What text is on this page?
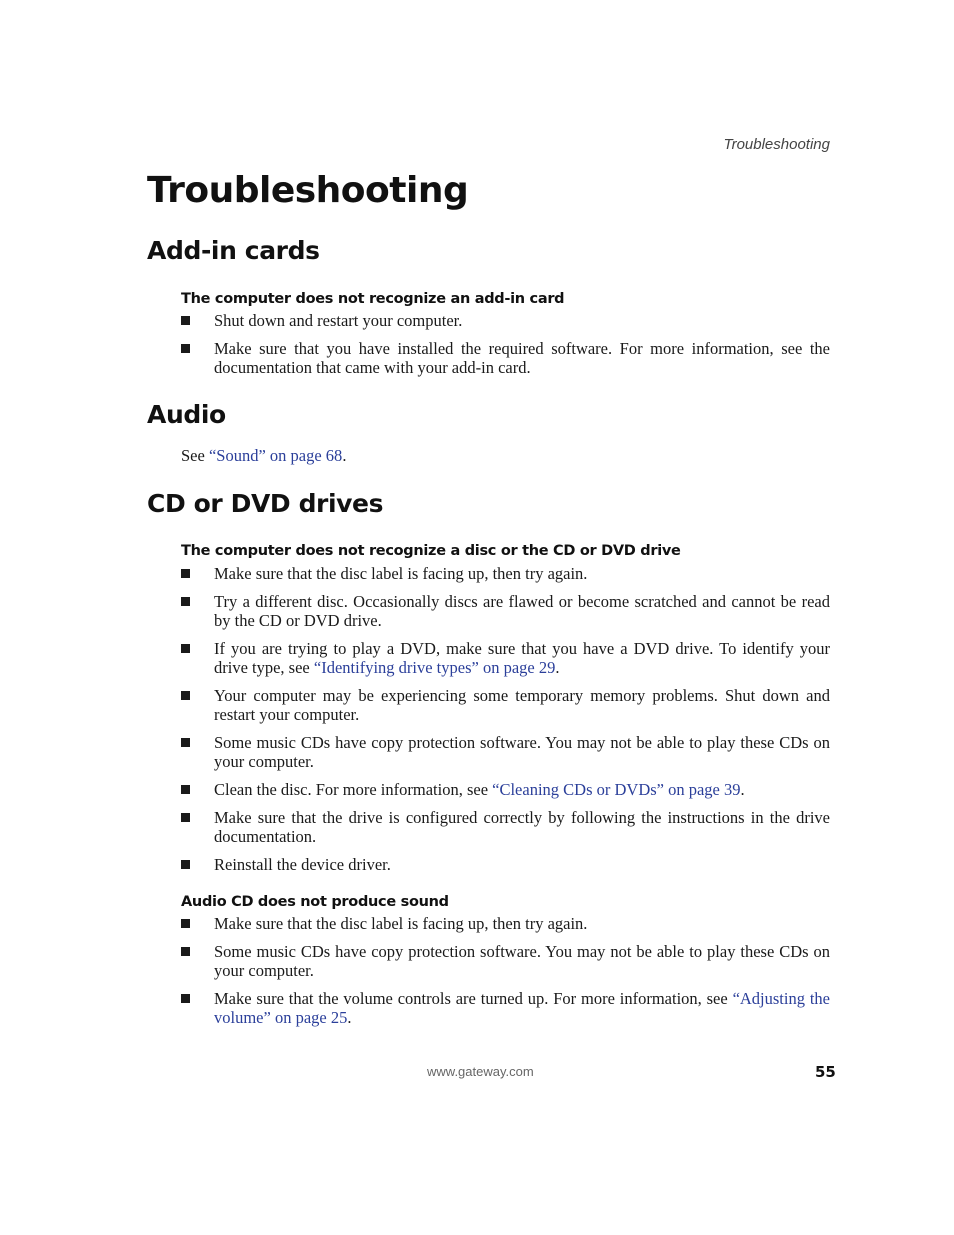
Troubleshooting
Troubleshooting
Add-in cards
The computer does not recognize an add-in card
Shut down and restart your computer.
Make sure that you have installed the required software. For more information, see the documentation that came with your add-in card.
Audio

See “Sound” on page 68.

CD or DVD drives
The computer does not recognize a disc or the CD or DVD drive
Make sure that the disc label is facing up, then try again.
Try a different disc. Occasionally discs are flawed or become scratched and cannot be read by the CD or DVD drive.
If you are trying to play a DVD, make sure that you have a DVD drive. To identify your drive type, see “Identifying drive types” on page 29.
Your computer may be experiencing some temporary memory problems. Shut down and restart your computer.
Some music CDs have copy protection software. You may not be able to play these CDs on your computer.
Clean the disc. For more information, see “Cleaning CDs or DVDs” on page 39.
Make sure that the drive is configured correctly by following the instructions in the drive documentation.
Reinstall the device driver.
Audio CD does not produce sound
Make sure that the disc label is facing up, then try again.
Some music CDs have copy protection software. You may not be able to play these CDs on your computer.
Make sure that the volume controls are turned up. For more information, see “Adjusting the volume” on page 25.
www.gateway.com	55
